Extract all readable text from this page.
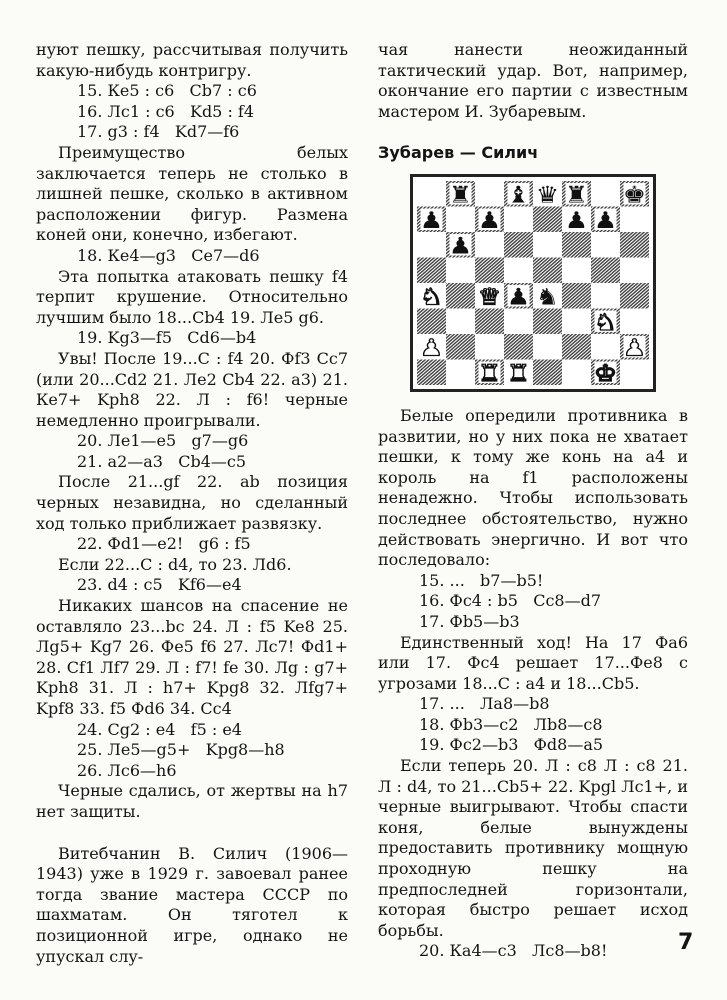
нуют пешку, рассчитывая получить какую-нибудь контригру.

15. Ке5 : с6   Сb7 : с6

16. Лс1 : с6   Kd5 : f4

17. g3 : f4   Kd7—f6

Преимущество белых заключается теперь не столько в лишней пешке, сколько в активном расположении фигур. Размена коней они, конечно, избегают.

18. Ке4—g3   Се7—d6

Эта попытка атаковать пешку f4 терпит крушение. Относительно лучшим было 18...Cb4 19. Ле5 g6.

19. Kg3—f5   Cd6—b4

Увы! После 19...С : f4 20. Фf3 Сс7 (или 20...Cd2 21. Ле2 Cb4 22. a3) 21. Ке7+ Kph8 22. Л : f6! черные немедленно проигрывали.

20. Ле1—е5   g7—g6

21. а2—а3   Cb4—c5

После 21...gf 22. ab позиция черных незавидна, но сделанный ход только приближает развязку.

22. Фd1—e2!   g6 : f5

Если 22...С : d4, то 23. Лd6.

23. d4 : c5   Kf6—e4

Никаких шансов на спасение не оставляло 23...bc 24. Л : f5 Ke8 25. Лg5+ Kg7 26. Фе5 f6 27. Лс7! Фd1+ 28. Сf1 Лf7 29. Л : f7! fe 30. Лg : g7+ Kph8 31. Л : h7+ Kpg8 32. Лfg7+ Kpf8 33. f5 Фd6 34. Сс4

24. Cg2 : e4   f5 : e4

25. Ле5—g5+   Kpg8—h8

26. Лс6—h6

Черные сдались, от жертвы на h7 нет защиты.

Витебчанин В. Силич (1906—1943) уже в 1929 г. завоевал ранее тогда звание мастера СССР по шахматам. Он тяготел к позиционной игре, однако не упускал слу-

чая нанести неожиданный тактический удар. Вот, например, окончание его партии с известным мастером И. Зубаревым.

Зубарев — Силич

Белые опередили противника в развитии, но у них пока не хватает пешки, к тому же конь на а4 и король на f1 расположены ненадежно. Чтобы использовать последнее обстоятельство, нужно действовать энергично. И вот что последовало:

15. ...   b7—b5!

16. Фс4 : b5   Cc8—d7

17. Фb5—b3

Единственный ход! На 17 Фа6 или 17. Фс4 решает 17...Фе8 с угрозами 18...С : а4 и 18...Cb5.

17. ...   Ла8—b8

18. Фb3—c2   Лb8—c8

19. Фс2—b3   Фd8—a5

Если теперь 20. Л : с8 Л : с8 21. Л : d4, то 21...Cb5+ 22. Kpgl Лс1+, и черные выигрывают. Чтобы спасти коня, белые вынуждены предоставить противнику мощную проходную пешку на предпоследней горизонтали, которая быстро решает исход борьбы.

20. Ка4—с3   Лс8—b8!	7
